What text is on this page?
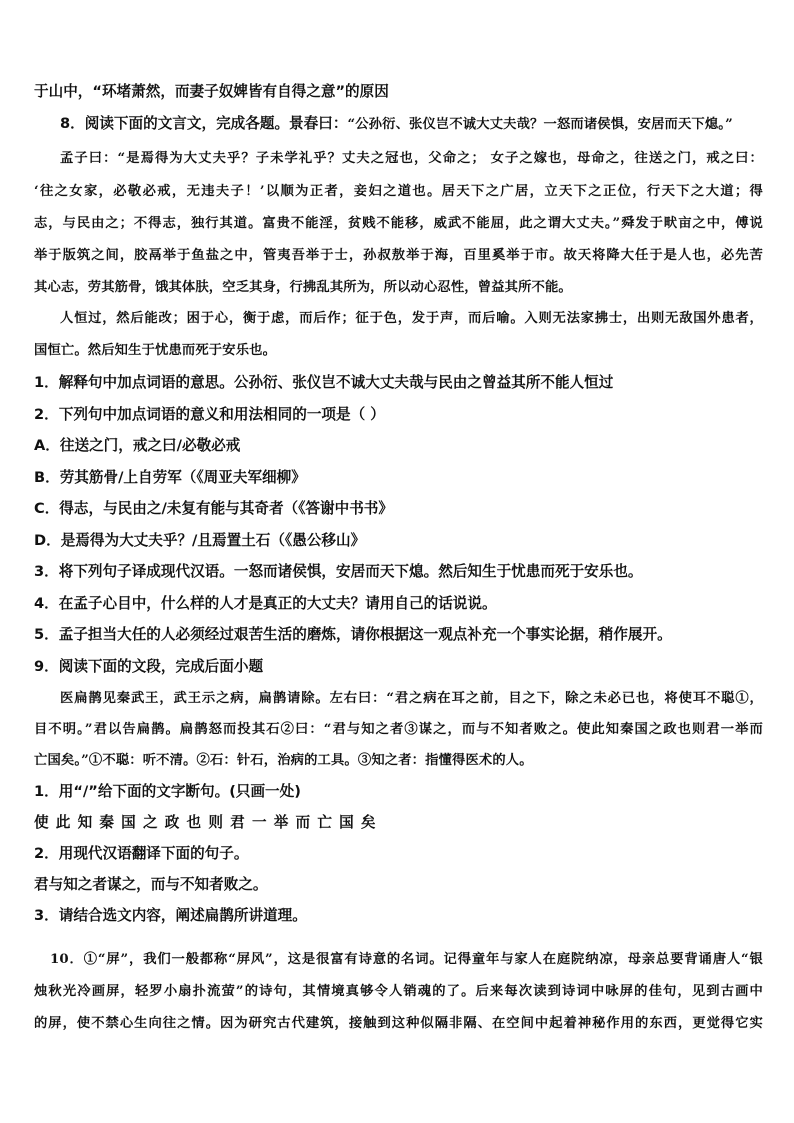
于山中，“环堵萧然，而妻子奴婢皆有自得之意”的原因
8．阅读下面的文言文，完成各题。景春曰：“公孙衍、张仪岂不诚大丈夫哉？一怒而诸侯惧，安居而天下熄。”
孟子曰：“是焉得为大丈夫乎？子未学礼乎？丈夫之冠也，父命之； 女子之嫁也，母命之，往送之门，戒之曰：
‘往之女家，必敬必戒，无违夫子！’以顺为正者，妾妇之道也。居天下之广居，立天下之正位，行天下之大道；得
志，与民由之；不得志，独行其道。富贵不能淫，贫贱不能移，威武不能屈，此之谓大丈夫。”舜发于畎亩之中，傅说
举于版筑之间，胶鬲举于鱼盐之中，管夷吾举于士，孙叔敖举于海，百里奚举于市。故天将降大任于是人也，必先苦
其心志，劳其筋骨，饿其体肤，空乏其身，行拂乱其所为，所以动心忍性，曾益其所不能。
人恒过，然后能改；困于心，衡于虑，而后作；征于色，发于声，而后喻。入则无法家拂士，出则无敌国外患者，
国恒亡。然后知生于忧患而死于安乐也。
1．解释句中加点词语的意思。公孙衍、张仪岂不诚大丈夫哉与民由之曾益其所不能人恒过
2．下列句中加点词语的意义和用法相同的一项是（ ）
A．往送之门，戒之曰/必敬必戒
B．劳其筋骨/上自劳军（《周亚夫军细柳》
C．得志，与民由之/未复有能与其奇者（《答谢中书书》
D．是焉得为大丈夫乎？/且焉置土石（《愚公移山》
3．将下列句子译成现代汉语。一怒而诸侯惧，安居而天下熄。然后知生于忧患而死于安乐也。
4．在孟子心目中，什么样的人才是真正的大丈夫？请用自己的话说说。
5．孟子担当大任的人必须经过艰苦生活的磨炼，请你根据这一观点补充一个事实论据，稍作展开。
9．阅读下面的文段，完成后面小题
医扁鹊见秦武王，武王示之病，扁鹊请除。左右曰：“君之病在耳之前，目之下，除之未必已也，将使耳不聪①，
目不明。”君以告扁鹊。扁鹊怒而投其石②曰：“君与知之者③谋之，而与不知者败之。使此知秦国之政也则君一举而
亡国矣。”①不聪：听不清。②石：针石，治病的工具。③知之者：指懂得医术的人。
1．用“/”给下面的文字断句。(只画一处)
使此知秦国之政也则君一举而亡国矣
2．用现代汉语翻译下面的句子。
君与知之者谋之，而与不知者败之。
3．请结合选文内容，阐述扁鹊所讲道理。
10．①“屏”，我们一般都称“屏风”，这是很富有诗意的名词。记得童年与家人在庭院纳凉，母亲总要背诵唐人“银
烛秋光冷画屏，轻罗小扇扑流萤”的诗句，其情境真够令人销魂的了。后来每次读到诗词中咏屏的佳句，见到古画中
的屏，使不禁心生向往之情。因为研究古代建筑，接触到这种似隔非隔、在空间中起着神秘作用的东西，更觉得它实
